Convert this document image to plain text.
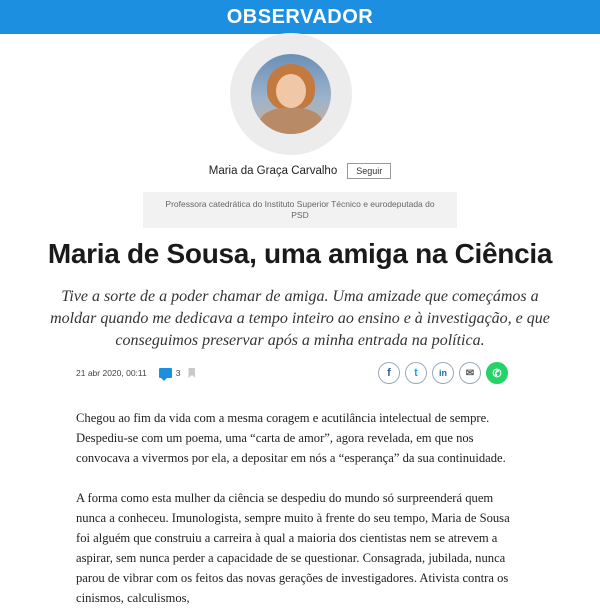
OBSERVADOR
Maria da Graça Carvalho	Seguir
Professora catedrática do Instituto Superior Técnico e eurodeputada do PSD
Maria de Sousa, uma amiga na Ciência

Tive a sorte de a poder chamar de amiga. Uma amizade que começámos a moldar quando me dedicava a tempo inteiro ao ensino e à investigação, e que conseguimos preservar após a minha entrada na política.

21 abr 2020, 00:11	3	f	t	in	✉	✆

Chegou ao fim da vida com a mesma coragem e acutilância intelectual de sempre. Despediu-se com um poema, uma “carta de amor”, agora revelada, em que nos convocava a vivermos por ela, a depositar em nós a “esperança” da sua continuidade.

A forma como esta mulher da ciência se despediu do mundo só surpreenderá quem nunca a conheceu. Imunologista, sempre muito à frente do seu tempo, Maria de Sousa foi alguém que construiu a carreira à qual a maioria dos cientistas nem se atrevem a aspirar, sem nunca perder a capacidade de se questionar. Consagrada, jubilada, nunca parou de vibrar com os feitos das novas gerações de investigadores. Ativista contra os cinismos, calculismos,
